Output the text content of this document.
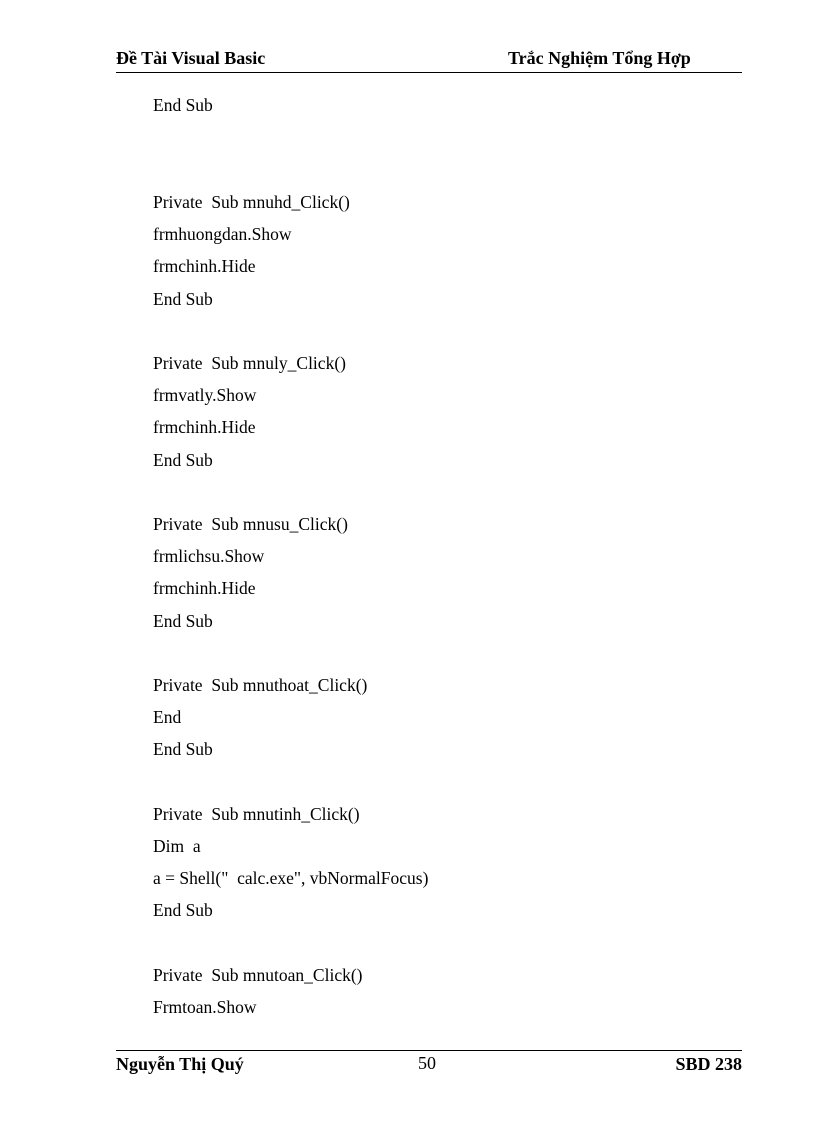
Đề Tài Visual Basic	Trắc Nghiệm Tổng Hợp
End Sub
Private  Sub mnuhd_Click()
frmhuongdan.Show
frmchinh.Hide
End Sub
Private  Sub mnuly_Click()
frmvatly.Show
frmchinh.Hide
End Sub
Private  Sub mnusu_Click()
frmlichsu.Show
frmchinh.Hide
End Sub
Private  Sub mnuthoat_Click()
End
End Sub
Private  Sub mnutinh_Click()
Dim  a
a = Shell("  calc.exe", vbNormalFocus)
End Sub
Private  Sub mnutoan_Click()
Frmtoan.Show
Nguyễn Thị Quý	50	SBD 238
